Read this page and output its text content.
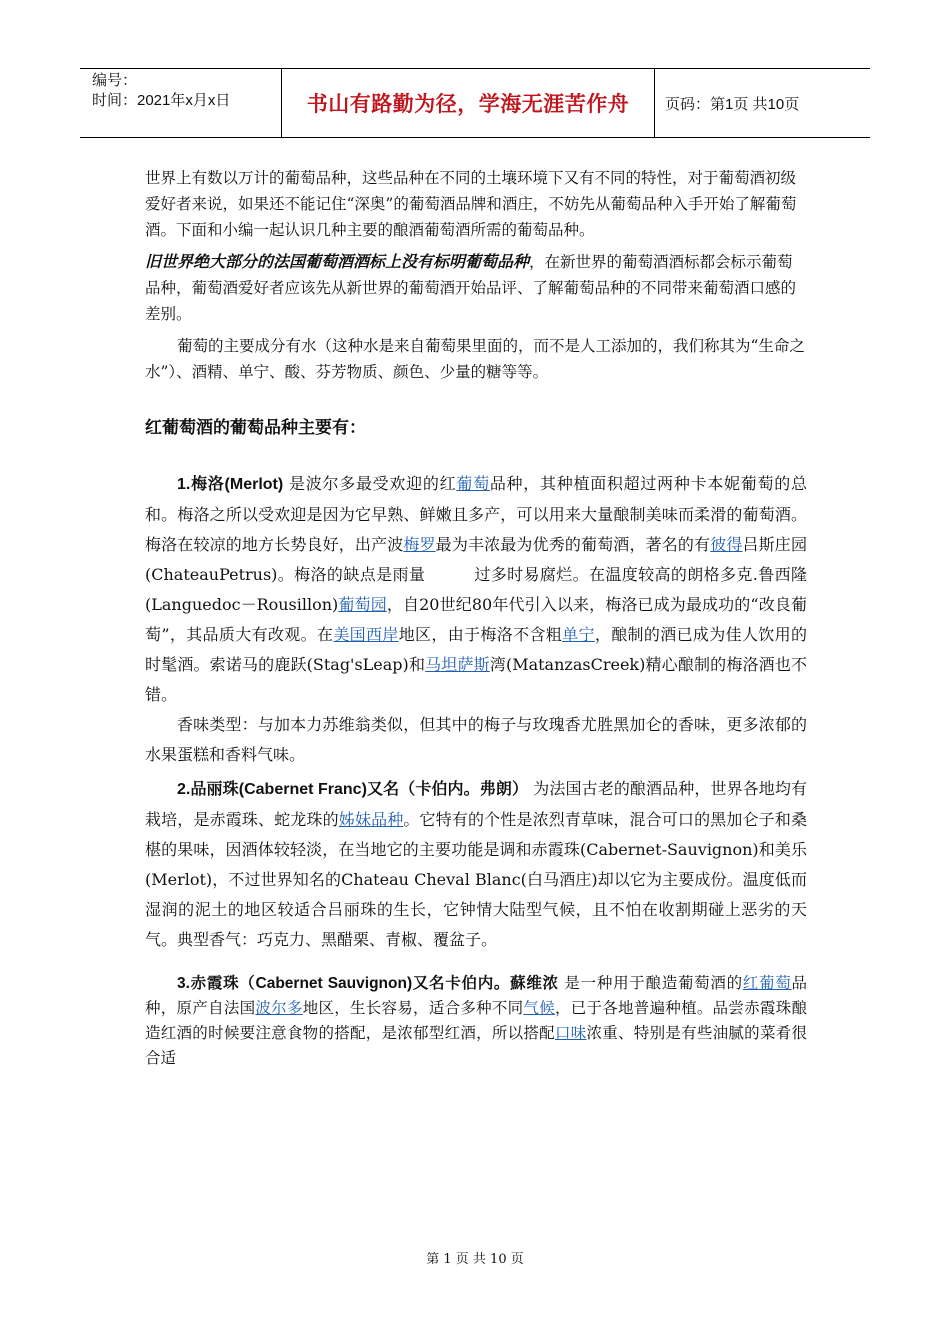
编号：
时间：2021年x月x日	书山有路勤为径，学海无涯苦作舟	页码：第1页 共10页

世界上有数以万计的葡萄品种，这些品种在不同的土壤环境下又有不同的特性，对于葡萄酒初级爱好者来说，如果还不能记住“深奥”的葡萄酒品牌和酒庄，不妨先从葡萄品种入手开始了解葡萄酒。下面和小编一起认识几种主要的酿酒葡萄酒所需的葡萄品种。

旧世界绝大部分的法国葡萄酒酒标上没有标明葡萄品种，在新世界的葡萄酒酒标都会标示葡萄品种，葡萄酒爱好者应该先从新世界的葡萄酒开始品评、了解葡萄品种的不同带来葡萄酒口感的差别。

葡萄的主要成分有水（这种水是来自葡萄果里面的，而不是人工添加的，我们称其为“生命之水”）、酒精、单宁、酸、芬芳物质、颜色、少量的糖等等。

红葡萄酒的葡萄品种主要有：

1.梅洛(Merlot) 是波尔多最受欢迎的红葡萄品种，其种植面积超过两种卡本妮葡萄的总和。梅洛之所以受欢迎是因为它早熟、鲜嫩且多产，可以用来大量酿制美味而柔滑的葡萄酒。梅洛在较凉的地方长势良好，出产波梅罗最为丰浓最为优秀的葡萄酒，著名的有彼得吕斯庄园(ChateauPetrus)。梅洛的缺点是雨量　　　过多时易腐烂。在温度较高的朗格多克.鲁西隆(Languedoc－Rousillon)葡萄园，自20世纪80年代引入以来，梅洛已成为最成功的“改良葡萄”，其品质大有改观。在美国西岸地区，由于梅洛不含粗单宁，酿制的酒已成为佳人饮用的时髦酒。索诺马的鹿跃(Stag'sLeap)和马坦萨斯湾(MatanzasCreek)精心酿制的梅洛酒也不错。

香味类型：与加本力苏维翁类似，但其中的梅子与玫瑰香尤胜黑加仑的香味，更多浓郁的水果蛋糕和香料气味。

2.品丽珠(Cabernet Franc)又名（卡伯内。弗朗） 为法国古老的酿酒品种，世界各地均有栽培，是赤霞珠、蛇龙珠的姊妹品种。它特有的个性是浓烈青草味，混合可口的黑加仑子和桑椹的果味，因酒体较轻淡，在当地它的主要功能是调和赤霞珠(Cabernet-Sauvignon)和美乐(Merlot)，不过世界知名的Chateau Cheval Blanc(白马酒庄)却以它为主要成份。温度低而湿润的泥土的地区较适合吕丽珠的生长，它钟情大陆型气候，且不怕在收割期碰上恶劣的天气。典型香气：巧克力、黑醋栗、青椒、覆盆子。

3.赤霞珠（Cabernet Sauvignon)又名卡伯内。蘇维浓 是一种用于酿造葡萄酒的红葡萄品种，原产自法国波尔多地区，生长容易，适合多种不同气候，已于各地普遍种植。品尝赤霞珠酿造红酒的时候要注意食物的搭配，是浓郁型红酒，所以搭配口味浓重、特别是有些油腻的菜肴很合适

第 1 页 共 10 页
